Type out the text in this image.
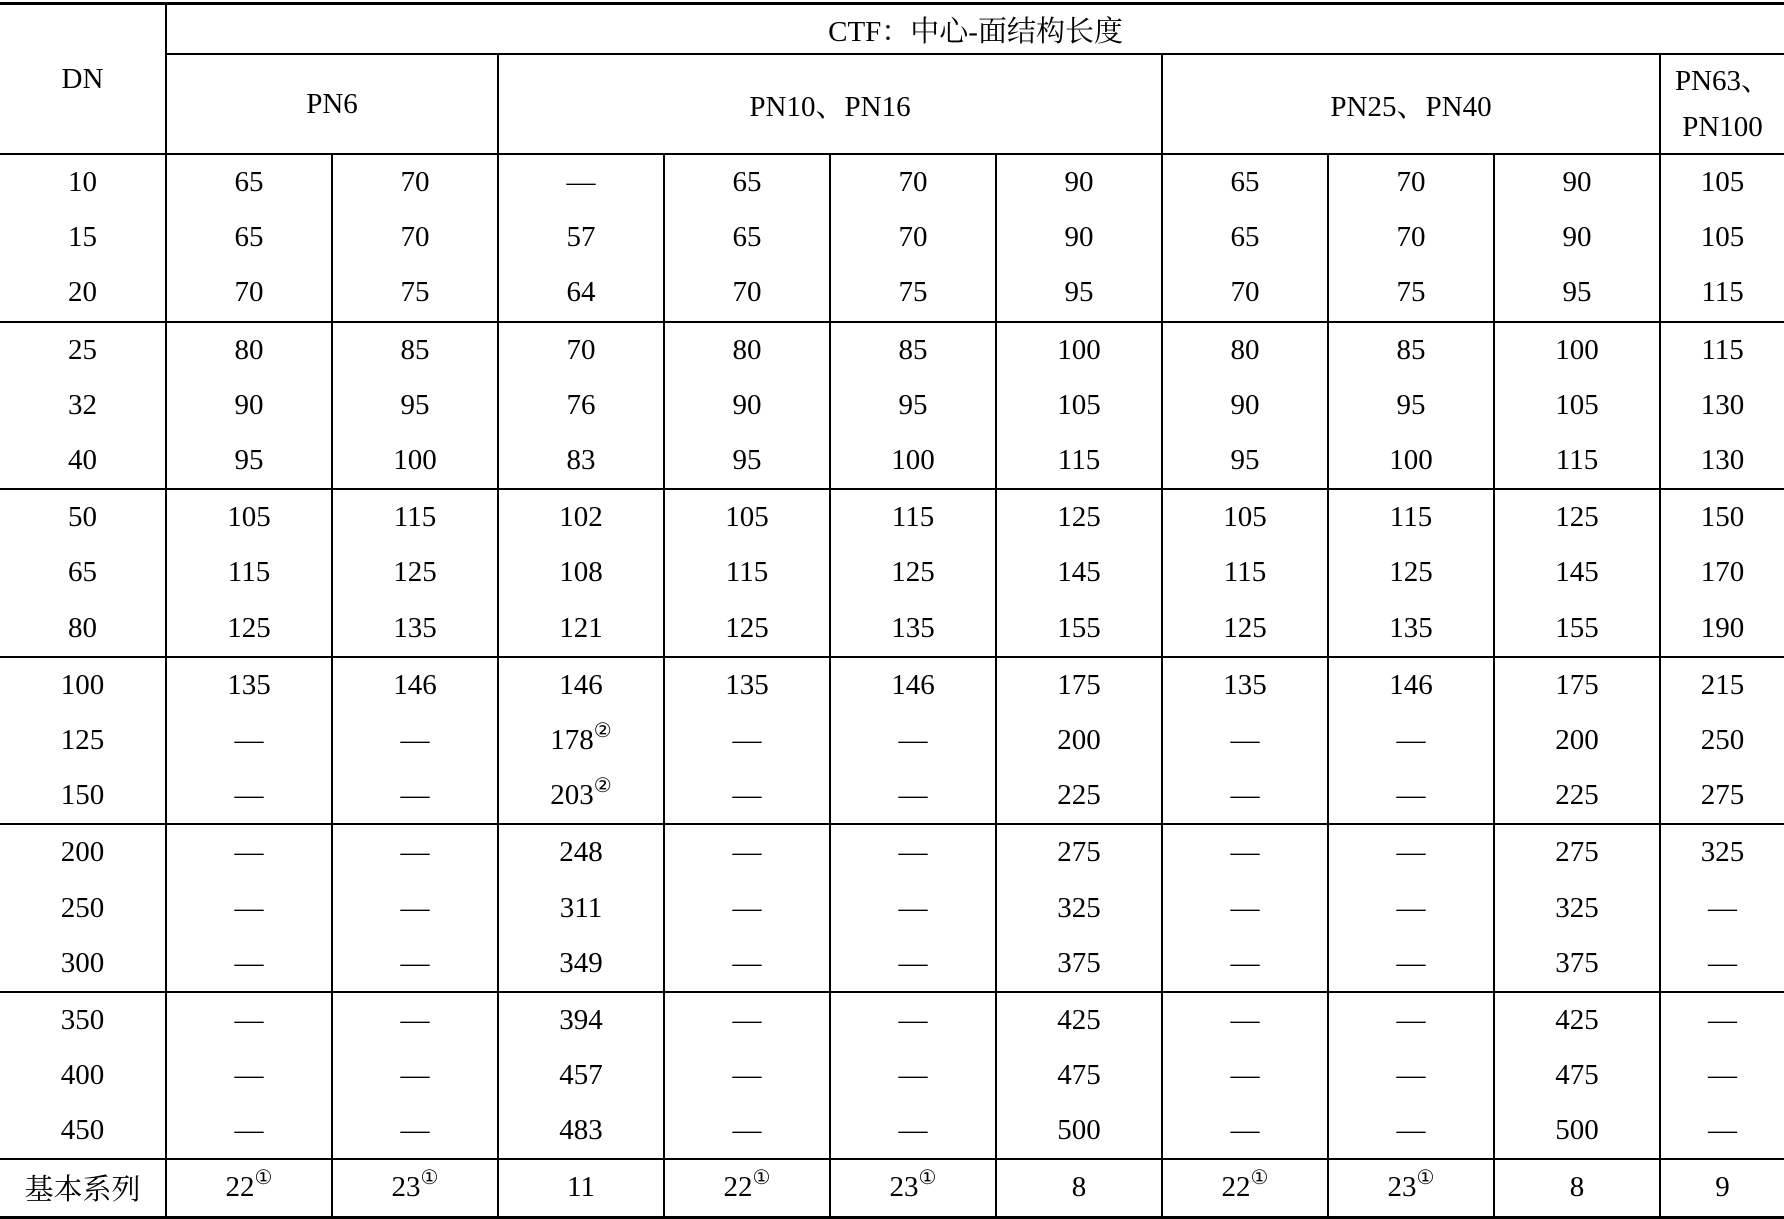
DN	CTF：中心-面结构长度									
	PN6		PN10、PN16				PN25、PN40			PN63、
PN100
10	65	70	—	65	70	90	65	70	90	105
15	65	70	57	65	70	90	65	70	90	105
20	70	75	64	70	75	95	70	75	95	115
25	80	85	70	80	85	100	80	85	100	115
32	90	95	76	90	95	105	90	95	105	130
40	95	100	83	95	100	115	95	100	115	130
50	105	115	102	105	115	125	105	115	125	150
65	115	125	108	115	125	145	115	125	145	170
80	125	135	121	125	135	155	125	135	155	190
100	135	146	146	135	146	175	135	146	175	215
125	—	—	178②	—	—	200	—	—	200	250
150	—	—	203②	—	—	225	—	—	225	275
200	—	—	248	—	—	275	—	—	275	325
250	—	—	311	—	—	325	—	—	325	—
300	—	—	349	—	—	375	—	—	375	—
350	—	—	394	—	—	425	—	—	425	—
400	—	—	457	—	—	475	—	—	475	—
450	—	—	483	—	—	500	—	—	500	—
基本系列	22①	23①	11	22①	23①	8	22①	23①	8	9
